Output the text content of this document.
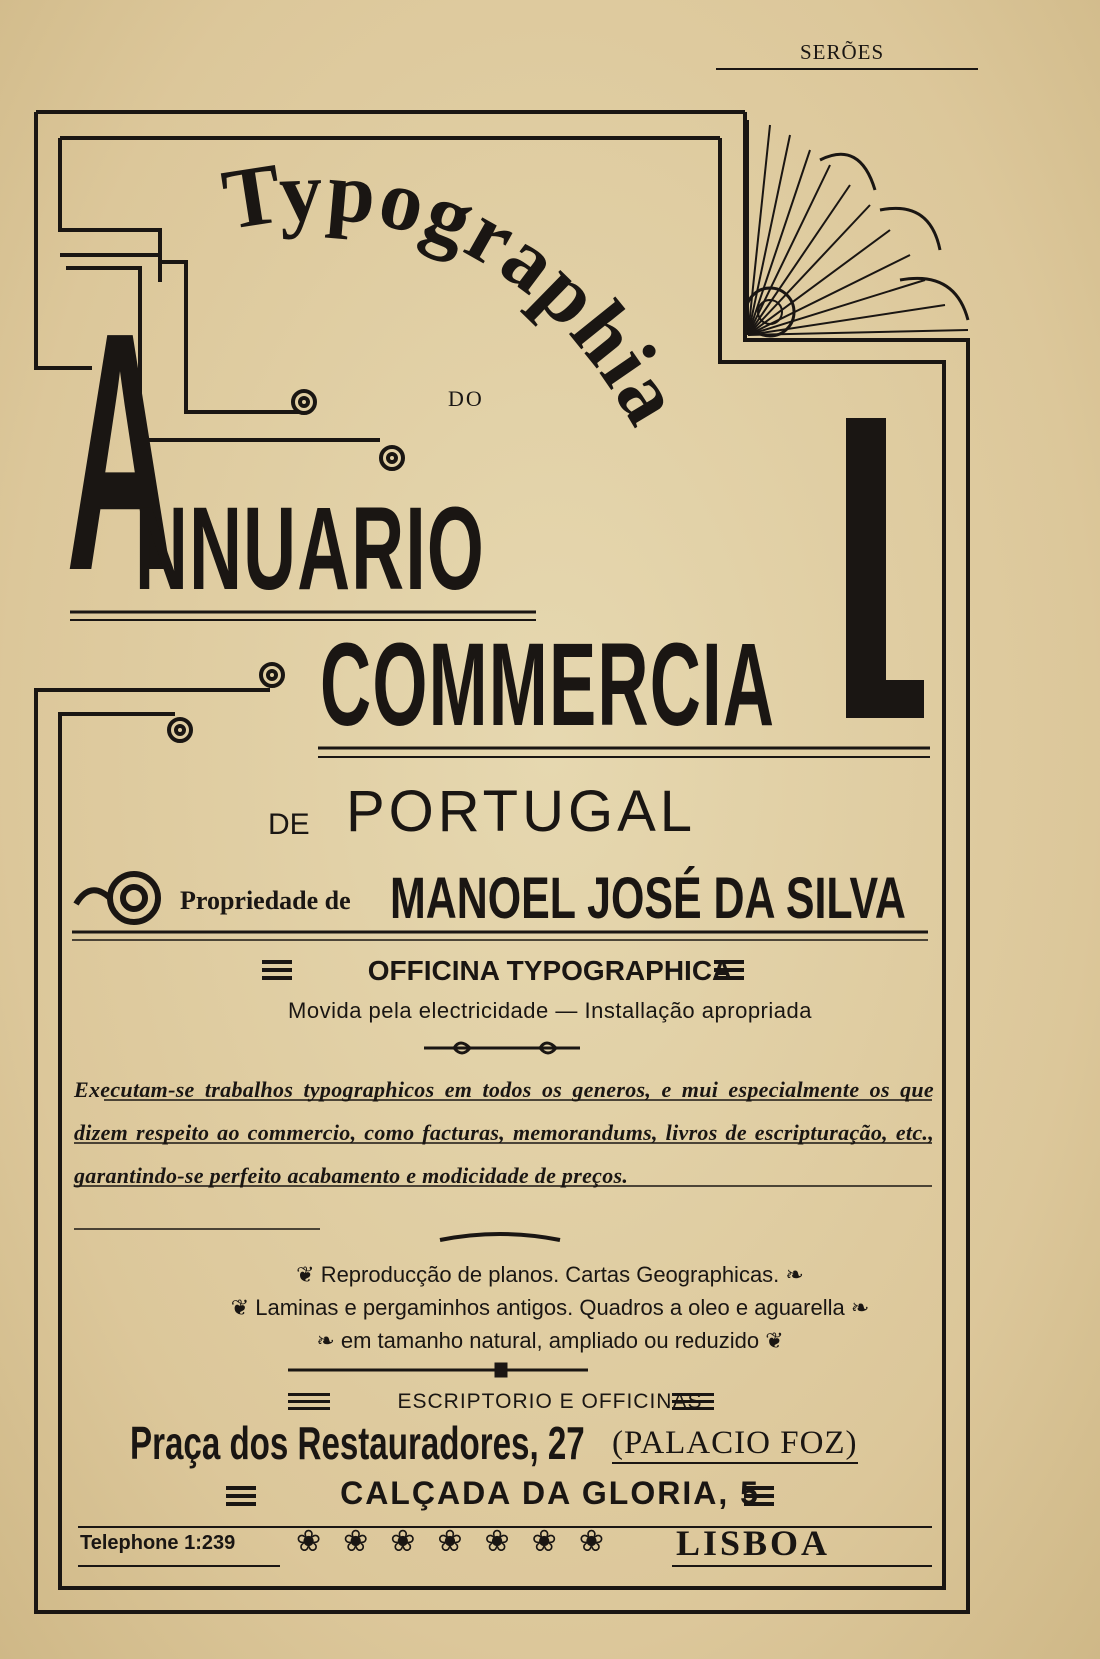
SERÕES
Typographia
DO
A
NNUARIO
COMMERCIA
DE PORTUGAL
Propriedade de MANOEL JOSÉ DA SILVA
OFFICINA TYPOGRAPHICA
Movida pela electricidade — Installação apropriada
Executam-se trabalhos typographicos em todos os generos, e mui especialmente os que dizem respeito ao commercio, como facturas, memorandums, livros de escripturação, etc., garantindo-se perfeito acabamento e modicidade de preços.
❦ Reproducção de planos. Cartas Geographicas. ❧
❦ Laminas e pergaminhos antigos. Quadros a oleo e aguarella ❧
❧ em tamanho natural, ampliado ou reduzido ❦
ESCRIPTORIO E OFFICINAS
Praça dos Restauradores, 27 (PALACIO FOZ)
CALÇADA DA GLORIA, 5
Telephone 1:239 ❀❀❀❀❀❀❀ LISBOA
